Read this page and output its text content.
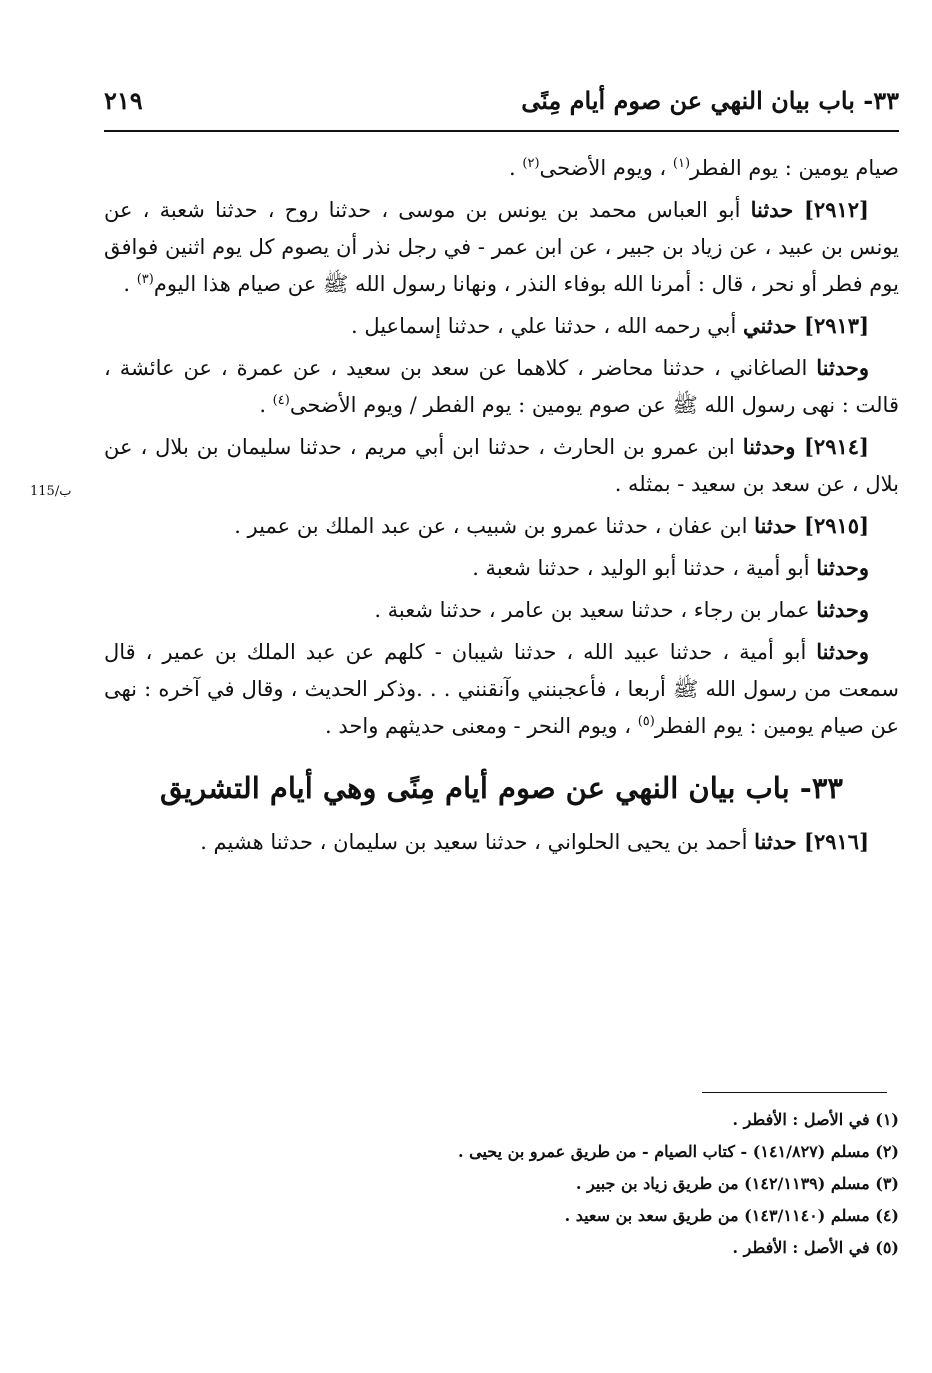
٣٣- باب بيان النهي عن صوم أيام مِنًى
٢١٩
115/ب

صيام يومين : يوم الفطر$^{(١)}$ ، ويوم الأضحى$^{(٢)}$ .

[٢٩١٢] حدثنا أبو العباس محمد بن يونس بن موسى ، حدثنا روح ، حدثنا شعبة ، عن يونس بن عبيد ، عن زياد بن جبير ، عن ابن عمر - في رجل نذر أن يصوم كل يوم اثنين فوافق يوم فطر أو نحر ، قال : أمرنا الله بوفاء النذر ، ونهانا رسول الله ﷺ عن صيام هذا اليوم$^{(٣)}$ .

[٢٩١٣] حدثني أبي رحمه الله ، حدثنا علي ، حدثنا إسماعيل .

وحدثنا الصاغاني ، حدثنا محاضر ، كلاهما عن سعد بن سعيد ، عن عمرة ، عن عائشة ، قالت : نهى رسول الله ﷺ عن صوم يومين : يوم الفطر / ويوم الأضحى$^{(٤)}$ .

[٢٩١٤] وحدثنا ابن عمرو بن الحارث ، حدثنا ابن أبي مريم ، حدثنا سليمان بن بلال ، عن بلال ، عن سعد بن سعيد - بمثله .

[٢٩١٥] حدثنا ابن عفان ، حدثنا عمرو بن شبيب ، عن عبد الملك بن عمير .

وحدثنا أبو أمية ، حدثنا أبو الوليد ، حدثنا شعبة .

وحدثنا عمار بن رجاء ، حدثنا سعيد بن عامر ، حدثنا شعبة .

وحدثنا أبو أمية ، حدثنا عبيد الله ، حدثنا شيبان - كلهم عن عبد الملك بن عمير ، قال سمعت من رسول الله ﷺ أربعا ، فأعجبنني وآنقنني . . .وذكر الحديث ، وقال في آخره : نهى عن صيام يومين : يوم الفطر$^{(٥)}$ ، ويوم النحر - ومعنى حديثهم واحد .

٣٣- باب بيان النهي عن صوم أيام مِنًى وهي أيام التشريق

[٢٩١٦] حدثنا أحمد بن يحيى الحلواني ، حدثنا سعيد بن سليمان ، حدثنا هشيم .

(١) في الأصل : الأفطر .

(٢) مسلم (١٤١/٨٢٧) - كتاب الصيام - من طريق عمرو بن يحيى .

(٣) مسلم (١٤٢/١١٣٩) من طريق زياد بن جبير .

(٤) مسلم (١٤٣/١١٤٠) من طريق سعد بن سعيد .

(٥) في الأصل : الأفطر .
